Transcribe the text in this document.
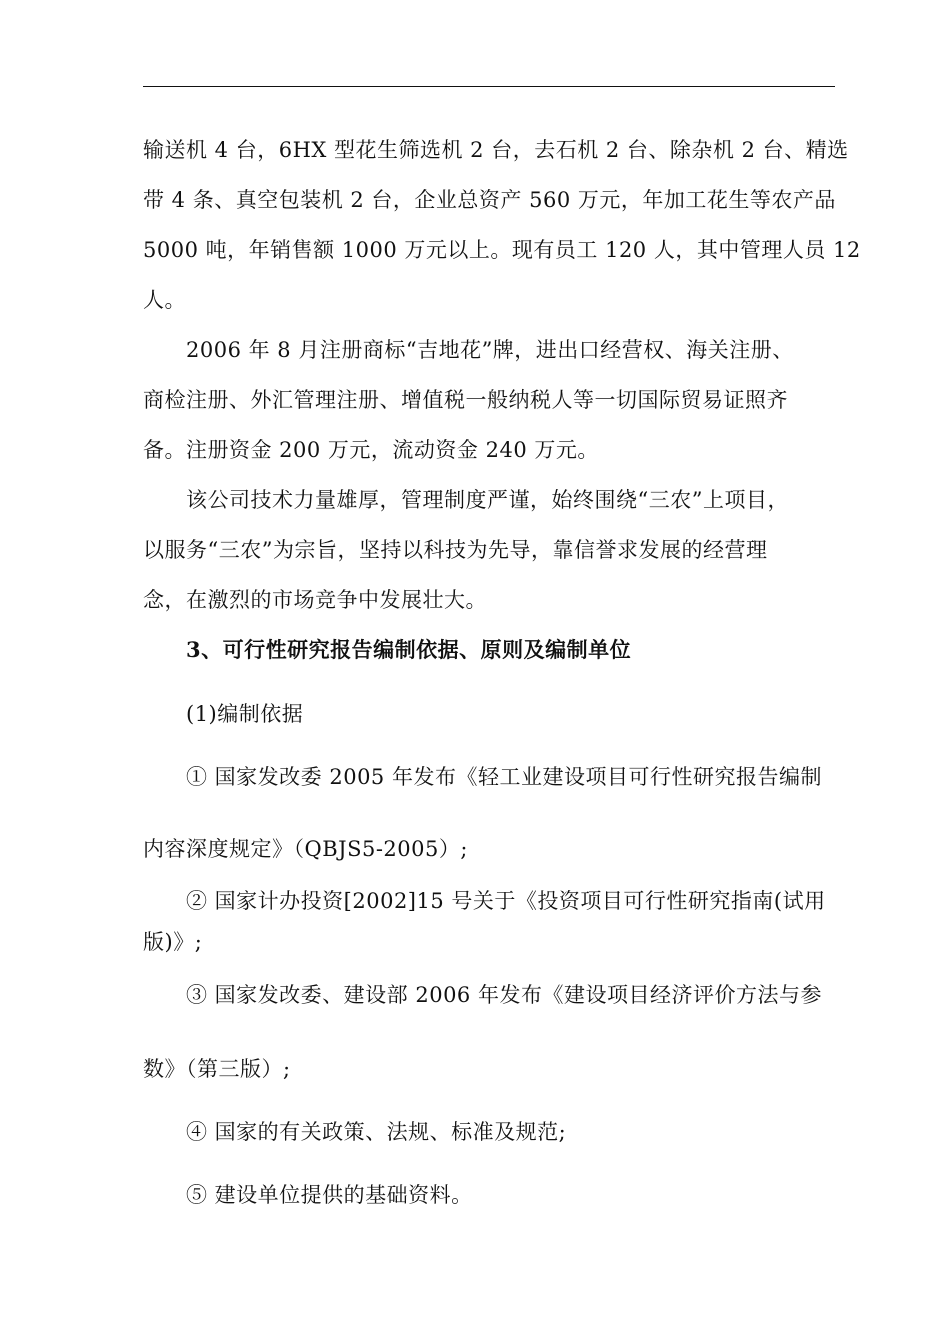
输送机 4 台，6HX 型花生筛选机 2 台，去石机 2 台、除杂机 2 台、精选
带 4 条、真空包装机 2 台，企业总资产 560 万元，年加工花生等农产品
5000 吨，年销售额 1000 万元以上。现有员工 120 人，其中管理人员 12
人。
2006 年 8 月注册商标“吉地花”牌，进出口经营权、海关注册、
商检注册、外汇管理注册、增值税一般纳税人等一切国际贸易证照齐
备。注册资金 200 万元，流动资金 240 万元。
该公司技术力量雄厚，管理制度严谨，始终围绕“三农”上项目，
以服务“三农”为宗旨，坚持以科技为先导，靠信誉求发展的经营理
念，在激烈的市场竞争中发展壮大。
3、可行性研究报告编制依据、原则及编制单位
(1)编制依据
① 国家发改委 2005 年发布《轻工业建设项目可行性研究报告编制
内容深度规定》（QBJS5-2005）;
② 国家计办投资[2002]15 号关于《投资项目可行性研究指南(试用
版)》;
③ 国家发改委、建设部 2006 年发布《建设项目经济评价方法与参
数》（第三版）;
④ 国家的有关政策、法规、标准及规范;
⑤ 建设单位提供的基础资料。
